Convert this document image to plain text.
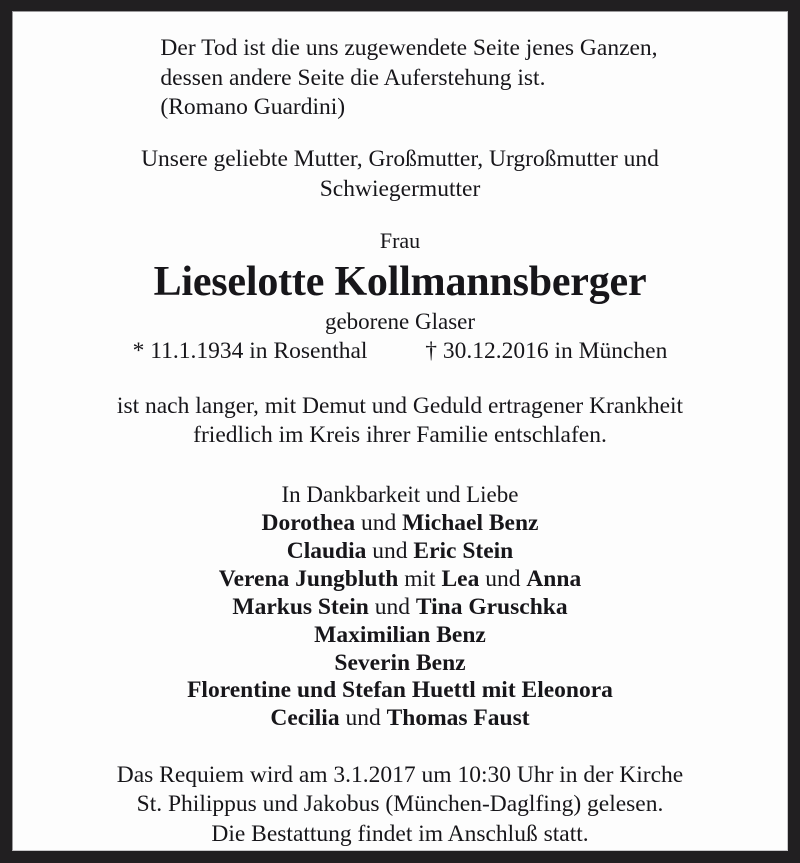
Der Tod ist die uns zugewendete Seite jenes Ganzen,
dessen andere Seite die Auferstehung ist.
(Romano Guardini)
Unsere geliebte Mutter, Großmutter, Urgroßmutter und
Schwiegermutter
Frau
Lieselotte Kollmannsberger
geborene Glaser
* 11.1.1934 in Rosenthal † 30.12.2016 in München
ist nach langer, mit Demut und Geduld ertragener Krankheit
friedlich im Kreis ihrer Familie entschlafen.
In Dankbarkeit und Liebe
Dorothea und Michael Benz
Claudia und Eric Stein
Verena Jungbluth mit Lea und Anna
Markus Stein und Tina Gruschka
Maximilian Benz
Severin Benz
Florentine und Stefan Huettl mit Eleonora
Cecilia und Thomas Faust
Das Requiem wird am 3.1.2017 um 10:30 Uhr in der Kirche
St. Philippus und Jakobus (München-Daglfing) gelesen.
Die Bestattung findet im Anschluß statt.
